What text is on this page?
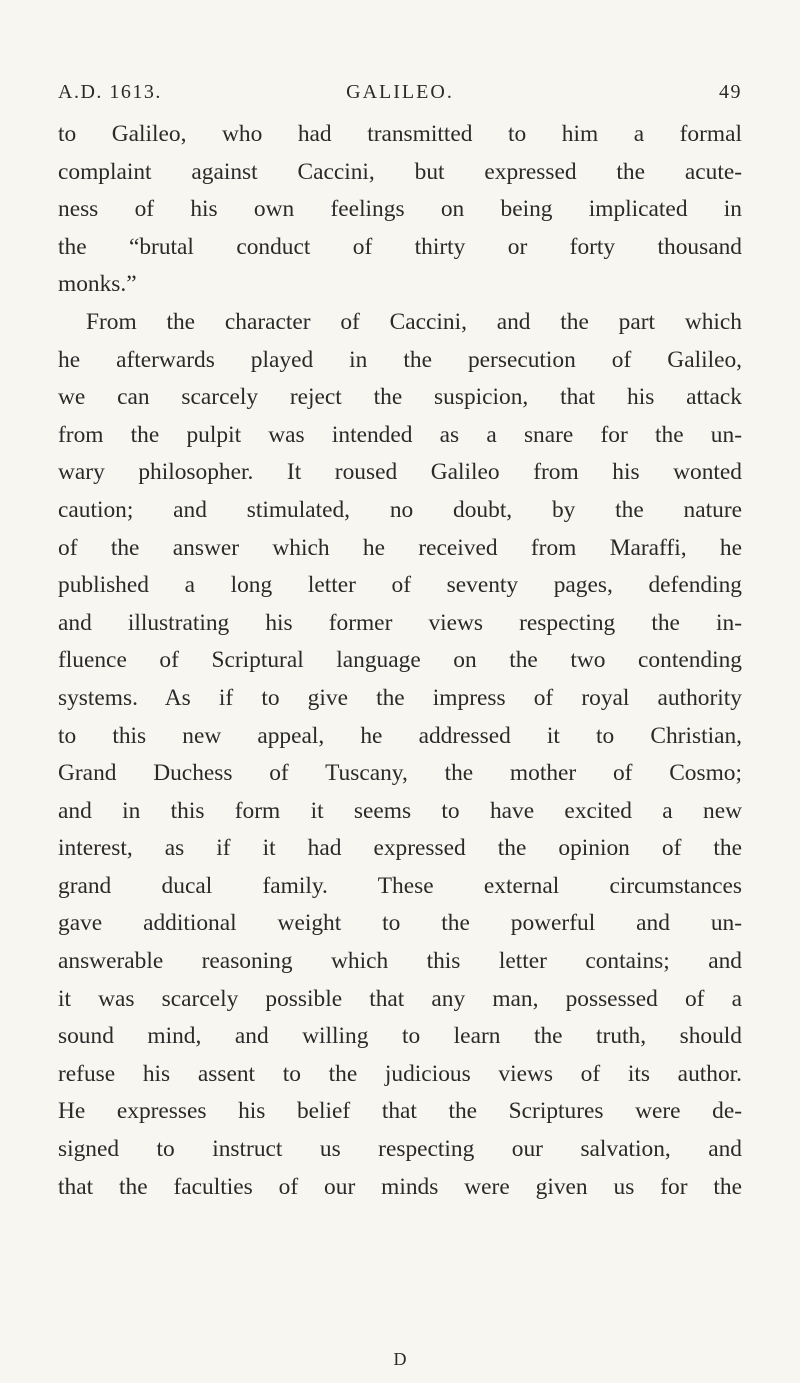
A.D. 1613.	GALILEO.	49
to Galileo, who had transmitted to him a formal
complaint against Caccini, but expressed the acute-
ness of his own feelings on being implicated in
the “brutal conduct of thirty or forty thousand
monks.”
From the character of Caccini, and the part which
he afterwards played in the persecution of Galileo,
we can scarcely reject the suspicion, that his attack
from the pulpit was intended as a snare for the un-
wary philosopher. It roused Galileo from his wonted
caution; and stimulated, no doubt, by the nature
of the answer which he received from Maraffi, he
published a long letter of seventy pages, defending
and illustrating his former views respecting the in-
fluence of Scriptural language on the two contending
systems. As if to give the impress of royal authority
to this new appeal, he addressed it to Christian,
Grand Duchess of Tuscany, the mother of Cosmo;
and in this form it seems to have excited a new
interest, as if it had expressed the opinion of the
grand ducal family. These external circumstances
gave additional weight to the powerful and un-
answerable reasoning which this letter contains; and
it was scarcely possible that any man, possessed of a
sound mind, and willing to learn the truth, should
refuse his assent to the judicious views of its author.
He expresses his belief that the Scriptures were de-
signed to instruct us respecting our salvation, and
that the faculties of our minds were given us for the
D
